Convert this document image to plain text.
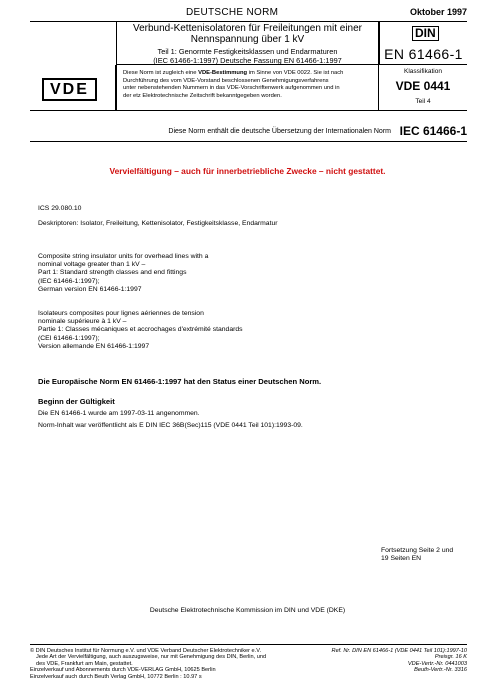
DEUTSCHE NORM	Oktober 1997
Verbund-Kettenisolatoren für Freileitungen mit einer
Nennspannung über 1 kV
Teil 1: Genormte Festigkeitsklassen und Endarmaturen
(IEC 61466-1:1997) Deutsche Fassung EN 61466-1:1997
DIN
EN 61466-1
VDE
Diese Norm ist zugleich eine VDE-Bestimmung im Sinne von VDE 0022. Sie ist nach
Durchführung des vom VDE-Vorstand beschlossenen Genehmigungsverfahrens
unter nebenstehenden Nummern in das VDE-Vorschriftenwerk aufgenommen und in
der etz Elektrotechnische Zeitschrift bekanntgegeben worden.
Klassifikation
VDE 0441
Teil 4
Diese Norm enthält die deutsche Übersetzung der Internationalen Norm IEC 61466-1
Vervielfältigung – auch für innerbetriebliche Zwecke – nicht gestattet.
ICS 29.080.10
Deskriptoren: Isolator, Freileitung, Kettenisolator, Festigkeitsklasse, Endarmatur
Composite string insulator units for overhead lines with a
nominal voltage greater than 1 kV –
Part 1: Standard strength classes and end fittings
(IEC 61466-1:1997);
German version EN 61466-1:1997
Isolateurs composites pour lignes aériennes de tension
nominale supérieure à 1 kV –
Partie 1: Classes mécaniques et accrochages d'extrémité standards
(CEI 61466-1:1997);
Version allemande EN 61466-1:1997
Die Europäische Norm EN 61466-1:1997 hat den Status einer Deutschen Norm.
Beginn der Gültigkeit
Die EN 61466-1 wurde am 1997-03-11 angenommen.
Norm-Inhalt war veröffentlicht als E DIN IEC 36B(Sec)115 (VDE 0441 Teil 101):1993-09.
Fortsetzung Seite 2 und
19 Seiten EN
Deutsche Elektrotechnische Kommission im DIN und VDE (DKE)
© DIN Deutsches Institut für Normung e.V. und VDE Verband Deutscher Elektrotechniker e.V.
Jede Art der Vervielfältigung, auch auszugsweise, nur mit Genehmigung des DIN, Berlin, und
des VDE, Frankfurt am Main, gestattet.
Einzelverkauf und Abonnements durch VDE-VERLAG GmbH, 10625 Berlin
Einzelverkauf auch durch Beuth Verlag GmbH, 10772 Berlin : 10.97 s
Ref. Nr. DIN EN 61466-1 (VDE 0441 Teil 101):1997-10
Preisgr. 16 K
VDE-Vertr.-Nr. 0441003
Beuth-Vertr.-Nr. 3316
